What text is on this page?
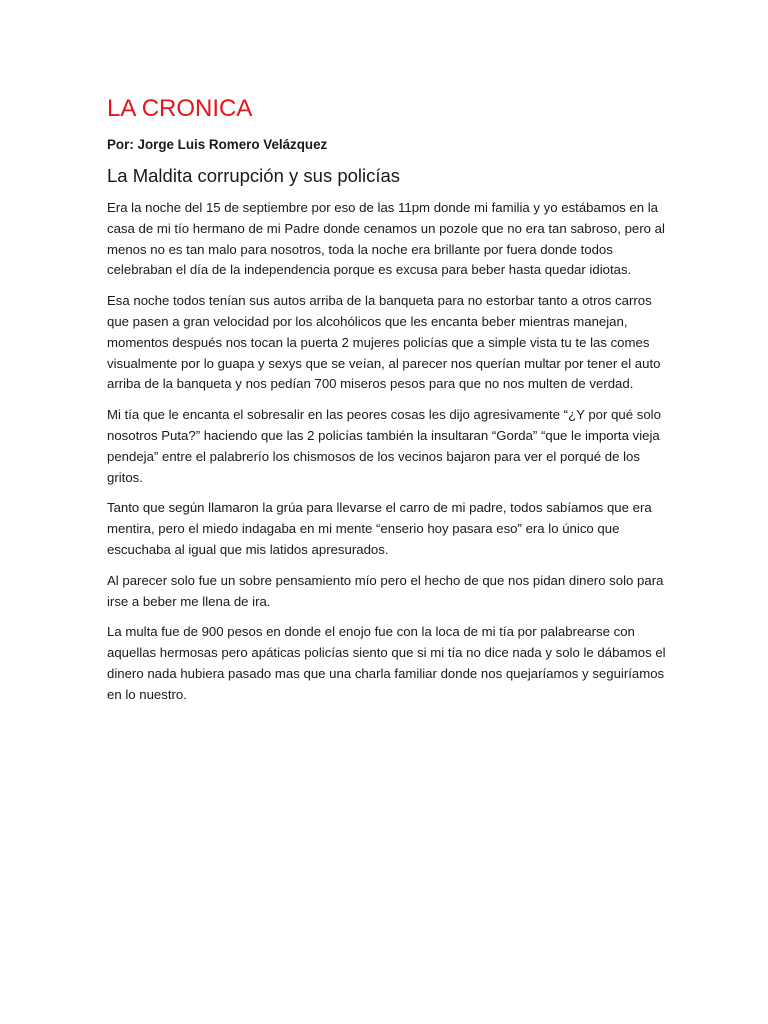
LA CRONICA
Por: Jorge Luis Romero Velázquez
La Maldita corrupción y sus policías

Era la noche del 15 de septiembre por eso de las 11pm donde mi familia y yo estábamos en la casa de mi tío hermano de mi Padre donde cenamos un pozole que no era tan sabroso, pero al menos no es tan malo para nosotros, toda la noche era brillante por fuera donde todos celebraban el día de la independencia porque es excusa para beber hasta quedar idiotas.

Esa noche todos tenían sus autos arriba de la banqueta para no estorbar tanto a otros carros que pasen a gran velocidad por los alcohólicos que les encanta beber mientras manejan, momentos después nos tocan la puerta 2 mujeres policías que a simple vista tu te las comes visualmente por lo guapa y sexys que se veían, al parecer nos querían multar por tener el auto arriba de la banqueta y nos pedían 700 miseros pesos para que no nos multen de verdad.

Mi tía que le encanta el sobresalir en las peores cosas les dijo agresivamente “¿Y por qué solo nosotros Puta?” haciendo que las 2 policías también la insultaran “Gorda” “que le importa vieja pendeja” entre el palabrerío los chismosos de los vecinos bajaron para ver el porqué de los gritos.

Tanto que según llamaron la grúa para llevarse el carro de mi padre, todos sabíamos que era mentira, pero el miedo indagaba en mi mente “enserio hoy pasara eso” era lo único que escuchaba al igual que mis latidos apresurados.

Al parecer solo fue un sobre pensamiento mío pero el hecho de que nos pidan dinero solo para irse a beber me llena de ira.

La multa fue de 900 pesos en donde el enojo fue con la loca de mi tía por palabrearse con aquellas hermosas pero apáticas policías siento que si mi tía no dice nada y solo le dábamos el dinero nada hubiera pasado mas que una charla familiar donde nos quejaríamos y seguiríamos en lo nuestro.
